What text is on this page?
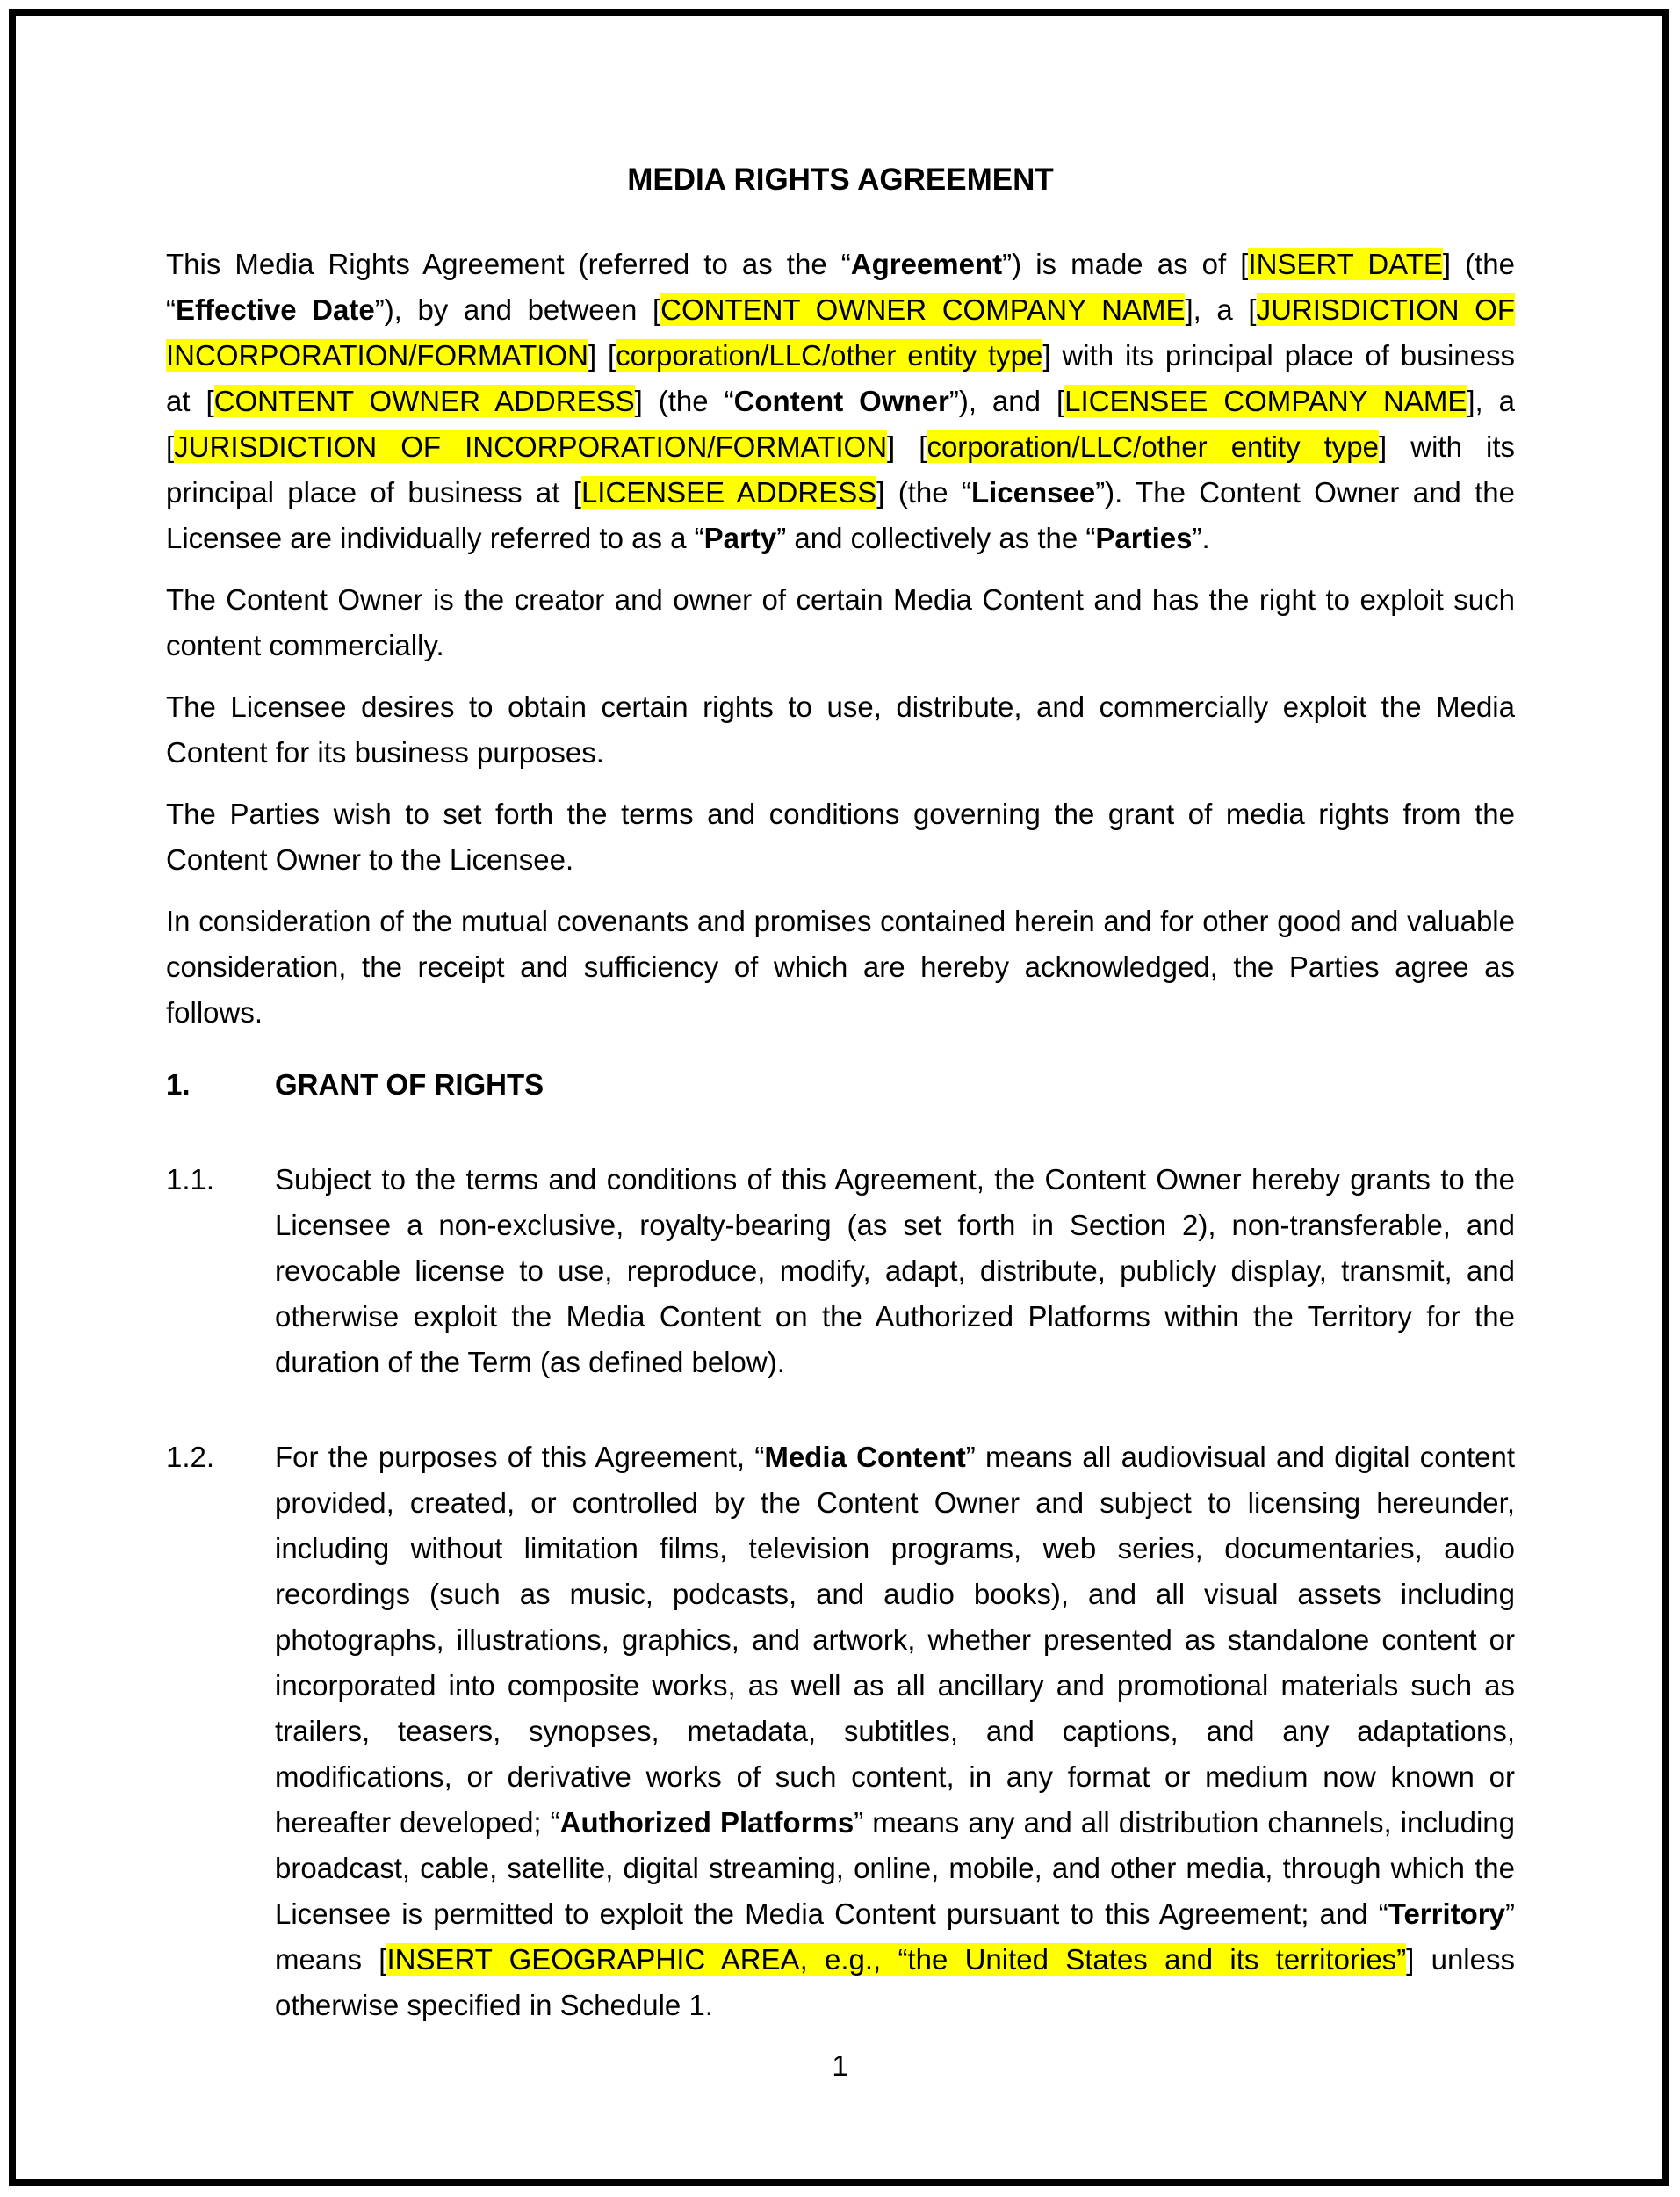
MEDIA RIGHTS AGREEMENT

This Media Rights Agreement (referred to as the “Agreement”) is made as of [INSERT DATE] (the “Effective Date”), by and between [CONTENT OWNER COMPANY NAME], a [JURISDICTION OF INCORPORATION/FORMATION] [corporation/LLC/other entity type] with its principal place of business at [CONTENT OWNER ADDRESS] (the “Content Owner”), and [LICENSEE COMPANY NAME], a [JURISDICTION OF INCORPORATION/FORMATION] [corporation/LLC/other entity type] with its principal place of business at [LICENSEE ADDRESS] (the “Licensee”). The Content Owner and the Licensee are individually referred to as a “Party” and collectively as the “Parties”.

The Content Owner is the creator and owner of certain Media Content and has the right to exploit such content commercially.

The Licensee desires to obtain certain rights to use, distribute, and commercially exploit the Media Content for its business purposes.

The Parties wish to set forth the terms and conditions governing the grant of media rights from the Content Owner to the Licensee.

In consideration of the mutual covenants and promises contained herein and for other good and valuable consideration, the receipt and sufficiency of which are hereby acknowledged, the Parties agree as follows.

1.	GRANT OF RIGHTS
1.1. Subject to the terms and conditions of this Agreement, the Content Owner hereby grants to the Licensee a non-exclusive, royalty-bearing (as set forth in Section 2), non-transferable, and revocable license to use, reproduce, modify, adapt, distribute, publicly display, transmit, and otherwise exploit the Media Content on the Authorized Platforms within the Territory for the duration of the Term (as defined below).
1.2. For the purposes of this Agreement, “Media Content” means all audiovisual and digital content provided, created, or controlled by the Content Owner and subject to licensing hereunder, including without limitation films, television programs, web series, documentaries, audio recordings (such as music, podcasts, and audio books), and all visual assets including photographs, illustrations, graphics, and artwork, whether presented as standalone content or incorporated into composite works, as well as all ancillary and promotional materials such as trailers, teasers, synopses, metadata, subtitles, and captions, and any adaptations, modifications, or derivative works of such content, in any format or medium now known or hereafter developed; “Authorized Platforms” means any and all distribution channels, including broadcast, cable, satellite, digital streaming, online, mobile, and other media, through which the Licensee is permitted to exploit the Media Content pursuant to this Agreement; and “Territory” means [INSERT GEOGRAPHIC AREA, e.g., “the United States and its territories”] unless otherwise specified in Schedule 1.
1
